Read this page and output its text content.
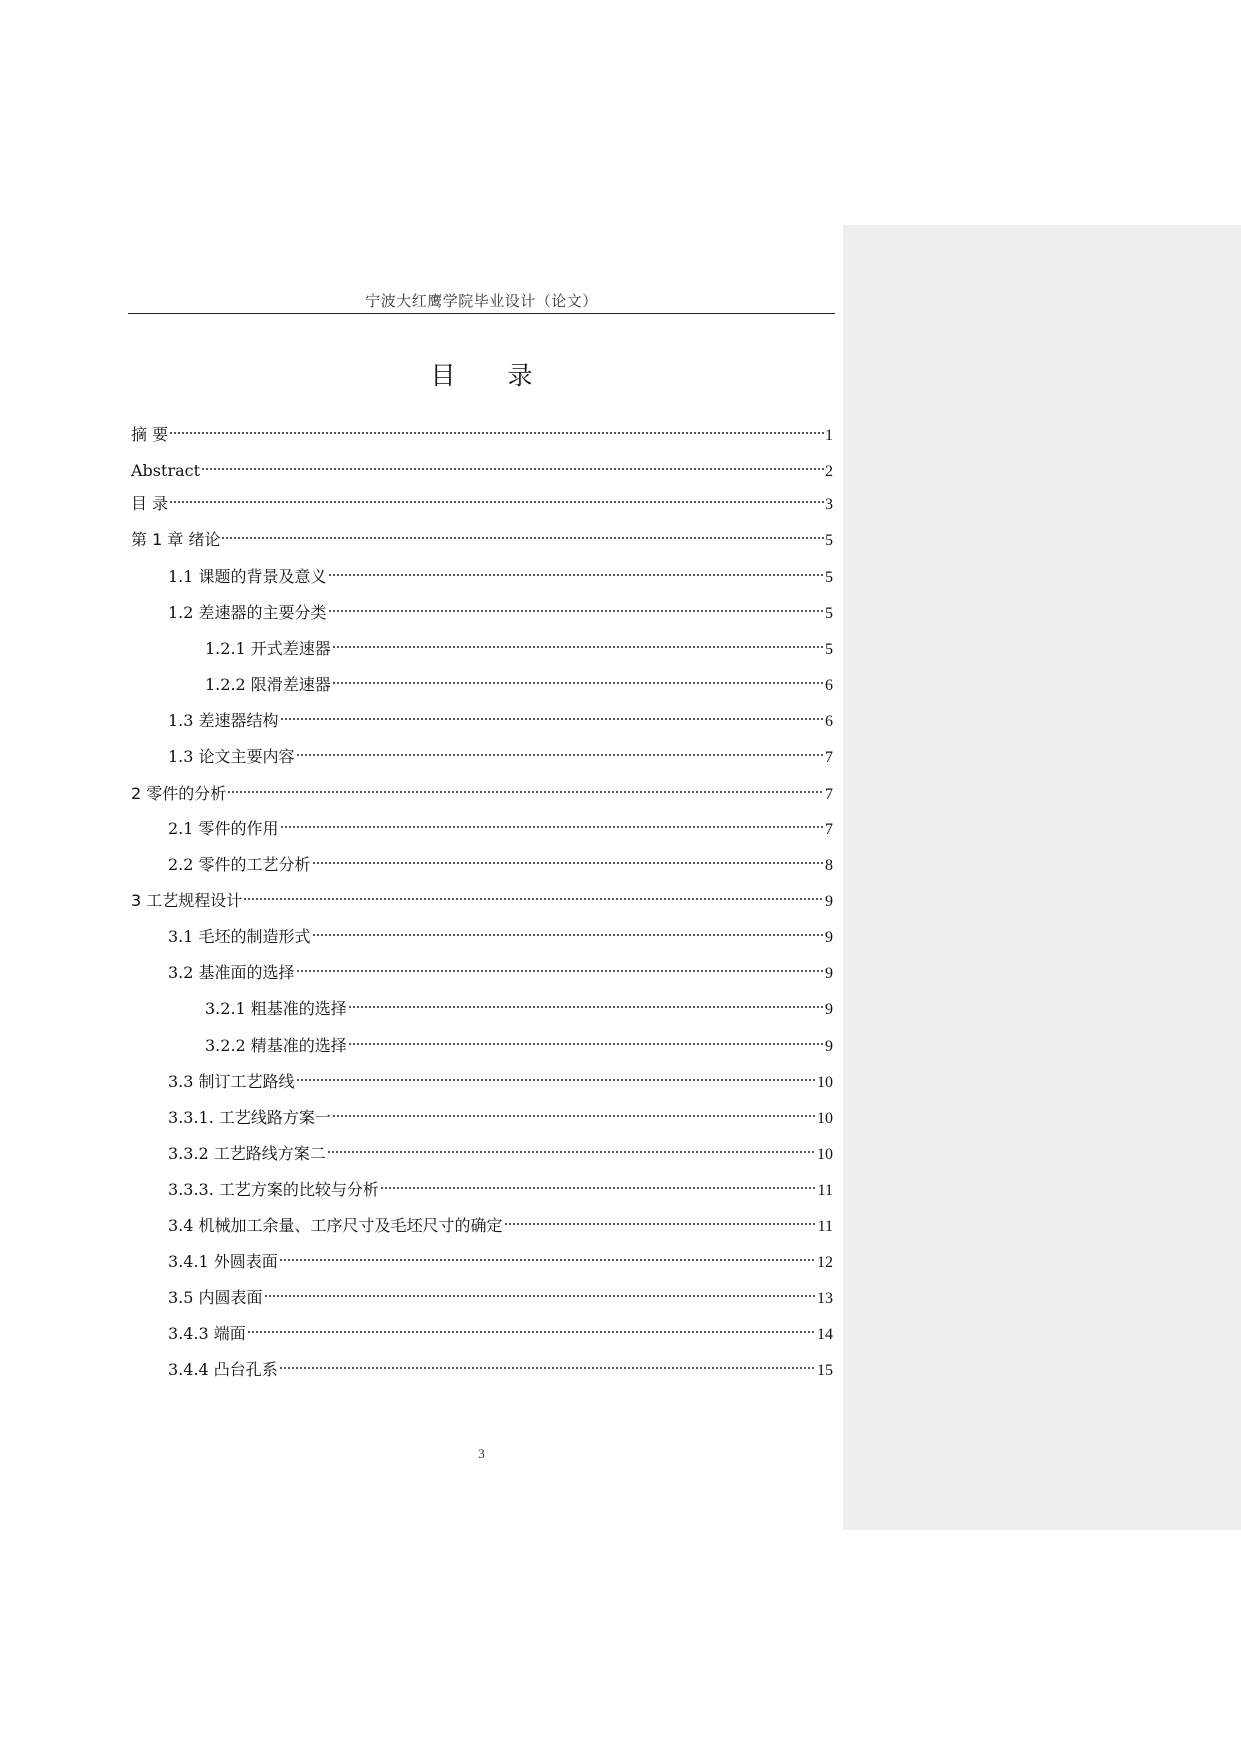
宁波大红鹰学院毕业设计（论文）
目 录
摘 要	1
Abstract	2
目 录	3
第 1 章 绪论	5
1.1 课题的背景及意义	5
1.2 差速器的主要分类	5
1.2.1 开式差速器	5
1.2.2 限滑差速器	6
1.3 差速器结构	6
1.3 论文主要内容	7
2 零件的分析	7
2.1 零件的作用	7
2.2 零件的工艺分析	8
3 工艺规程设计	9
3.1 毛坯的制造形式	9
3.2 基准面的选择	9
3.2.1 粗基准的选择	9
3.2.2 精基准的选择	9
3.3 制订工艺路线	10
3.3.1. 工艺线路方案一	10
3.3.2 工艺路线方案二	10
3.3.3. 工艺方案的比较与分析	11
3.4 机械加工余量、工序尺寸及毛坯尺寸的确定	11
3.4.1 外圆表面	12
3.5 内圆表面	13
3.4.3 端面	14
3.4.4 凸台孔系	15
3
